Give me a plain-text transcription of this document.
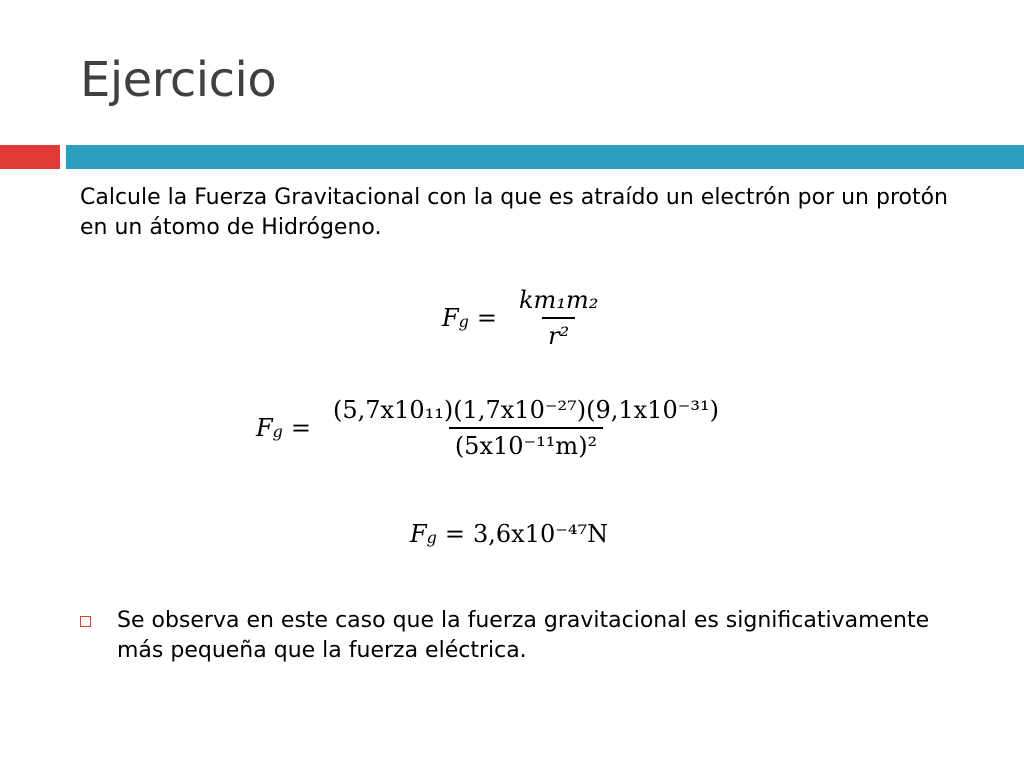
Ejercicio
Calcule la Fuerza Gravitacional con la que es atraído un electrón por un protón en un átomo de Hidrógeno.
F $_g = \frac{\text{km₁m₂}}{\text{r²}}$
F $_g = \frac{\text{(5,7x10₁₁)(1,7x10⁻²⁷)(9,1x10⁻³¹)}}{\text{(5x10⁻¹¹m)²}}$
F $_g$ = 3,6x10⁻⁴⁷N
Se observa en este caso que la fuerza gravitacional es significativamente más pequeña que la fuerza eléctrica.
